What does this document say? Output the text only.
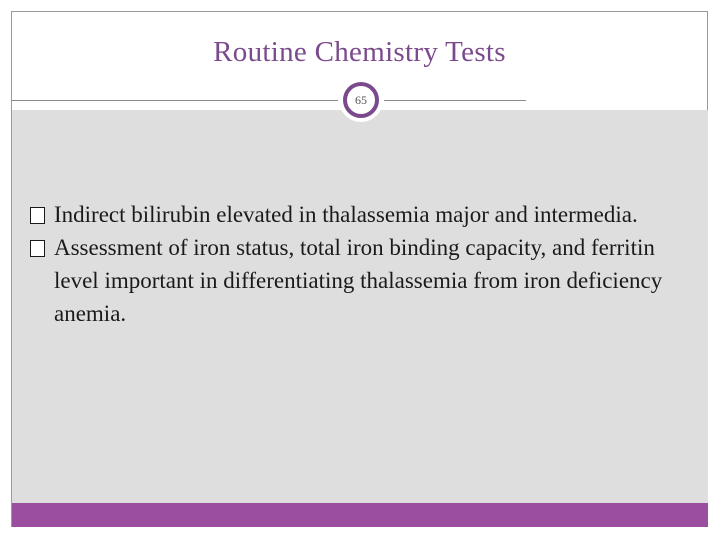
Routine Chemistry Tests
65
Indirect bilirubin elevated in thalassemia major and intermedia.
Assessment of iron status, total iron binding capacity, and ferritin level important in differentiating thalassemia from iron deficiency anemia.
